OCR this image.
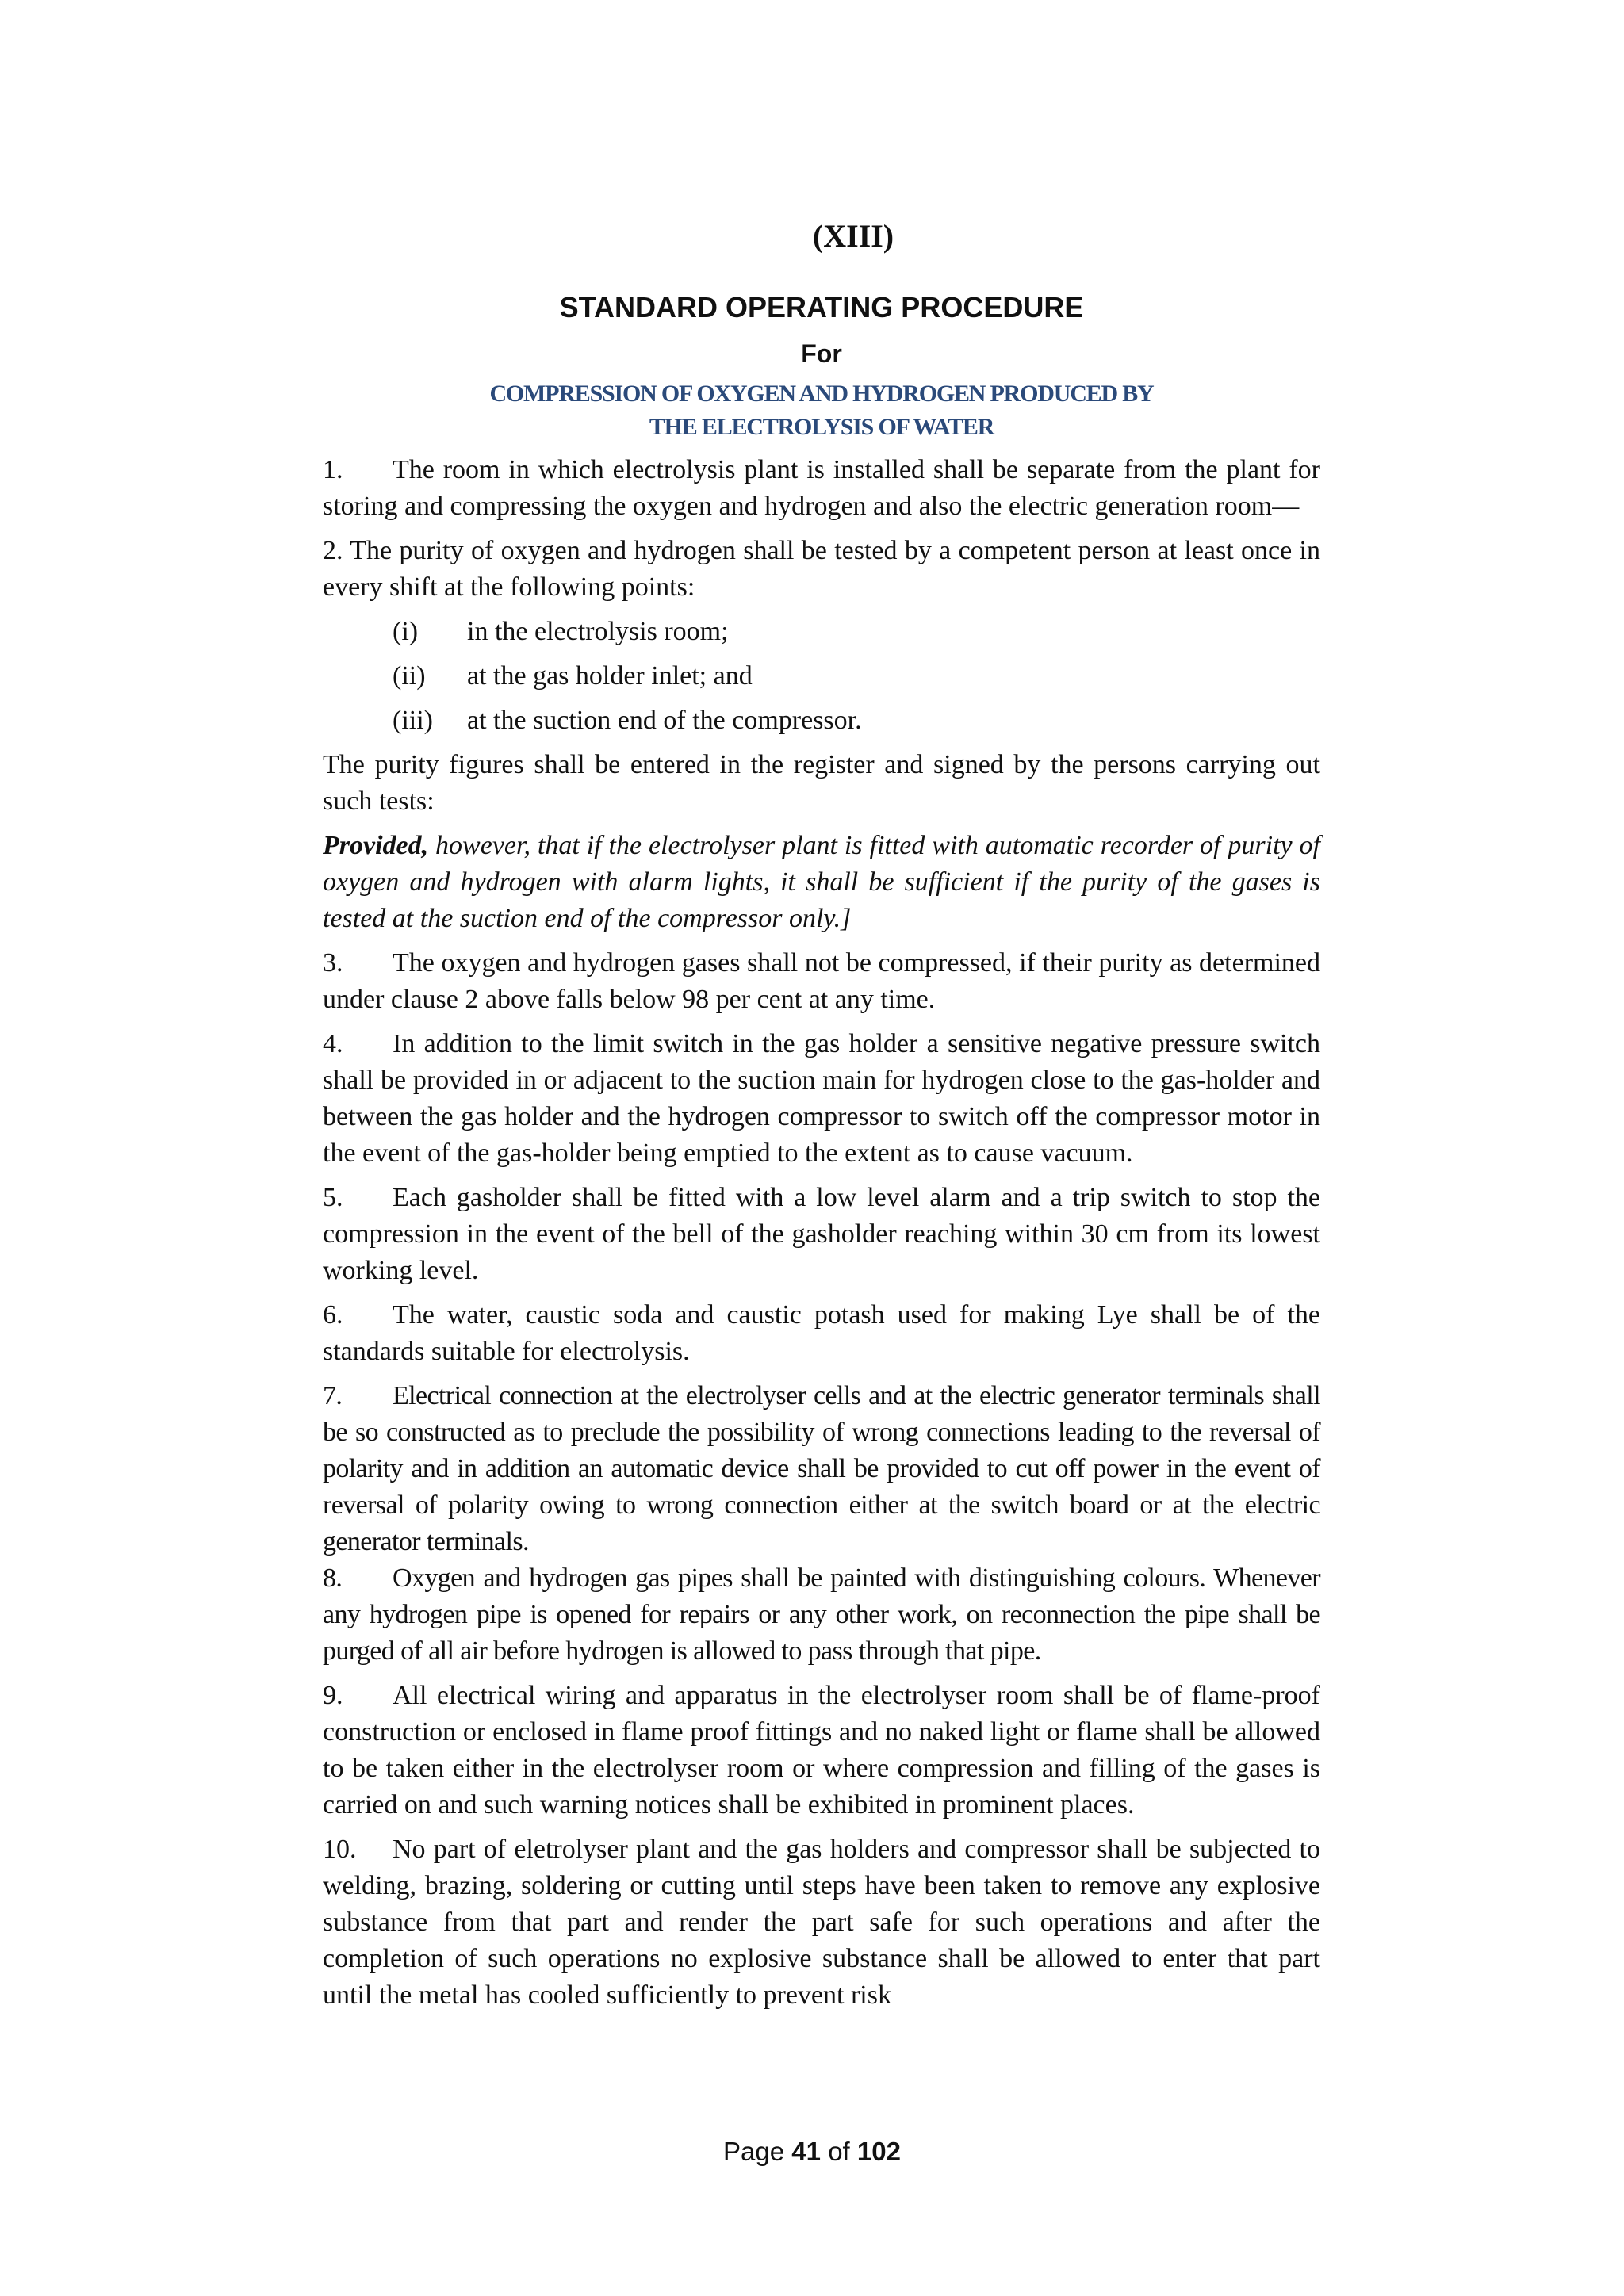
(XIII)
STANDARD OPERATING PROCEDURE
For
COMPRESSION OF OXYGEN AND HYDROGEN PRODUCED BY
THE ELECTROLYSIS OF WATER

1. The room in which electrolysis plant is installed shall be separate from the plant for storing and compressing the oxygen and hydrogen and also the electric generation room—

2. The purity of oxygen and hydrogen shall be tested by a competent person at least once in every shift at the following points:

(i)	in the electrolysis room;
(ii)	at the gas holder inlet; and
(iii)	at the suction end of the compressor.

The purity figures shall be entered in the register and signed by the persons carrying out such tests:

Provided, however, that if the electrolyser plant is fitted with automatic recorder of purity of oxygen and hydrogen with alarm lights, it shall be sufficient if the purity of the gases is tested at the suction end of the compressor only.]

3. The oxygen and hydrogen gases shall not be compressed, if their purity as determined under clause 2 above falls below 98 per cent at any time.

4. In addition to the limit switch in the gas holder a sensitive negative pressure switch shall be provided in or adjacent to the suction main for hydrogen close to the gas-holder and between the gas holder and the hydrogen compressor to switch off the compressor motor in the event of the gas-holder being emptied to the extent as to cause vacuum.

5. Each gasholder shall be fitted with a low level alarm and a trip switch to stop the compression in the event of the bell of the gasholder reaching within 30 cm from its lowest working level.

6. The water, caustic soda and caustic potash used for making Lye shall be of the standards suitable for electrolysis.

7. Electrical connection at the electrolyser cells and at the electric generator terminals shall be so constructed as to preclude the possibility of wrong connections leading to the reversal of polarity and in addition an automatic device shall be provided to cut off power in the event of reversal of polarity owing to wrong connection either at the switch board or at the electric generator terminals.

8. Oxygen and hydrogen gas pipes shall be painted with distinguishing colours. Whenever any hydrogen pipe is opened for repairs or any other work, on reconnection the pipe shall be purged of all air before hydrogen is allowed to pass through that pipe.

9. All electrical wiring and apparatus in the electrolyser room shall be of flame-proof construction or enclosed in flame proof fittings and no naked light or flame shall be allowed to be taken either in the electrolyser room or where compression and filling of the gases is carried on and such warning notices shall be exhibited in prominent places.

10. No part of eletrolyser plant and the gas holders and compressor shall be subjected to welding, brazing, soldering or cutting until steps have been taken to remove any explosive substance from that part and render the part safe for such operations and after the completion of such operations no explosive substance shall be allowed to enter that part until the metal has cooled sufficiently to prevent risk

Page 41 of 102
